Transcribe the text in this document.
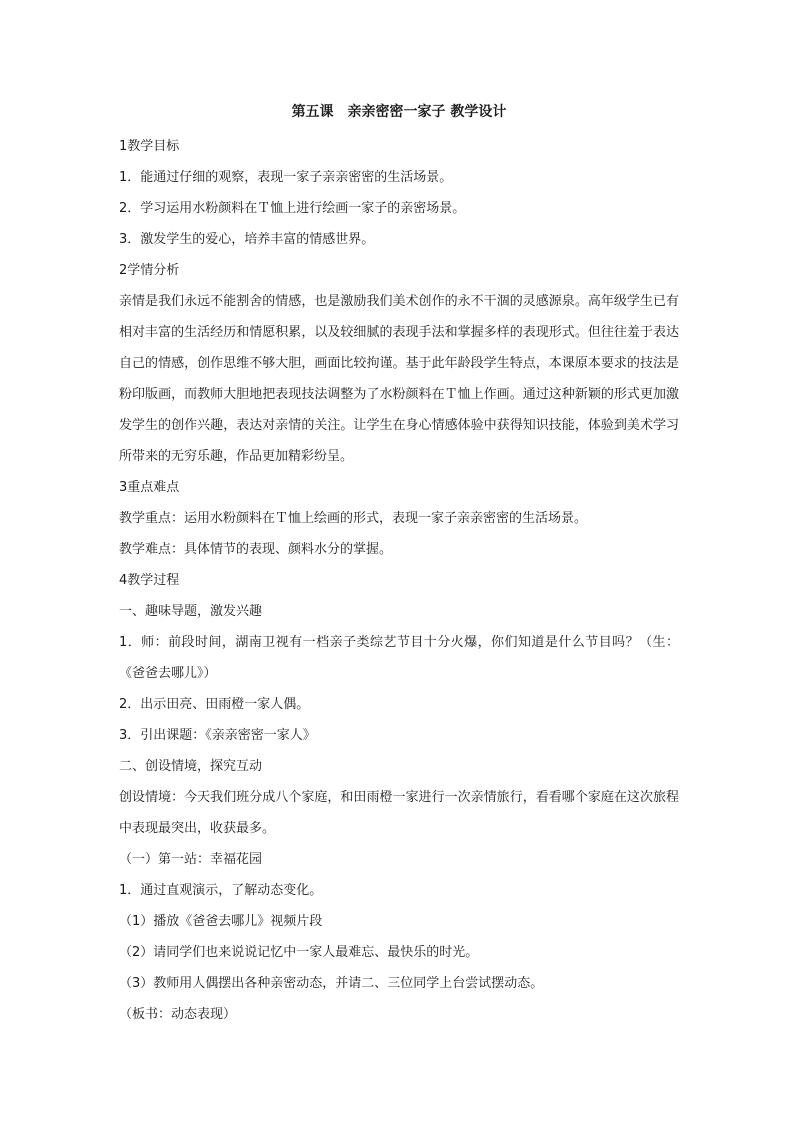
第五课　亲亲密密一家子 教学设计

1教学目标

1．能通过仔细的观察，表现一家子亲亲密密的生活场景。

2．学习运用水粉颜料在Ｔ恤上进行绘画一家子的亲密场景。

3．激发学生的爱心，培养丰富的情感世界。

2学情分析

亲情是我们永远不能割舍的情感，也是激励我们美术创作的永不干涸的灵感源泉。高年级学生已有相对丰富的生活经历和情愿积累，以及较细腻的表现手法和掌握多样的表现形式。但往往羞于表达自己的情感，创作思维不够大胆，画面比较拘谨。基于此年龄段学生特点，本课原本要求的技法是粉印版画，而教师大胆地把表现技法调整为了水粉颜料在Ｔ恤上作画。通过这种新颖的形式更加激发学生的创作兴趣，表达对亲情的关注。让学生在身心情感体验中获得知识技能，体验到美术学习所带来的无穷乐趣，作品更加精彩纷呈。

3重点难点

教学重点：运用水粉颜料在Ｔ恤上绘画的形式，表现一家子亲亲密密的生活场景。

教学难点：具体情节的表现、颜料水分的掌握。

4教学过程

一、趣味导题，激发兴趣

1．师：前段时间，湖南卫视有一档亲子类综艺节目十分火爆，你们知道是什么节目吗？（生：《爸爸去哪儿》）

2．出示田亮、田雨橙一家人偶。

3．引出课题：《亲亲密密一家人》

二、创设情境，探究互动

创设情境：今天我们班分成八个家庭，和田雨橙一家进行一次亲情旅行，看看哪个家庭在这次旅程中表现最突出，收获最多。

（一）第一站：幸福花园

1．通过直观演示，了解动态变化。

（1）播放《爸爸去哪儿》视频片段

（2）请同学们也来说说记忆中一家人最难忘、最快乐的时光。

（3）教师用人偶摆出各种亲密动态，并请二、三位同学上台尝试摆动态。

（板书：动态表现）
